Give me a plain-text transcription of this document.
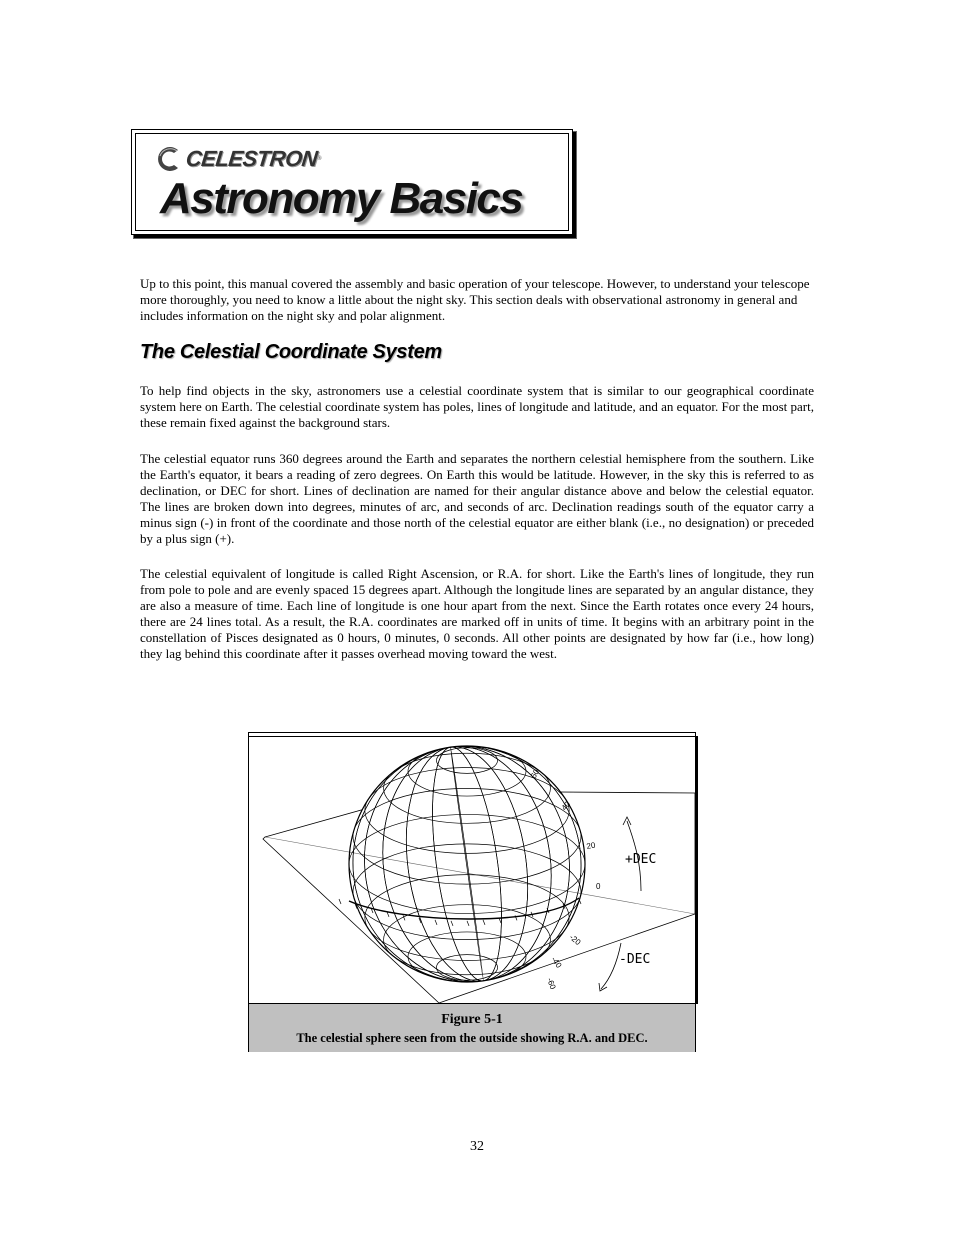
CELESTRON
®
Astronomy Basics

Up to this point, this manual covered the assembly and basic operation of your telescope. However, to understand your telescope more thoroughly, you need to know a little about the night sky. This section deals with observational astronomy in general and includes information on the night sky and polar alignment.

The Celestial Coordinate System

To help find objects in the sky, astronomers use a celestial coordinate system that is similar to our geographical coordinate system here on Earth. The celestial coordinate system has poles, lines of longitude and latitude, and an equator. For the most part, these remain fixed against the background stars.

The celestial equator runs 360 degrees around the Earth and separates the northern celestial hemisphere from the southern. Like the Earth's equator, it bears a reading of zero degrees. On Earth this would be latitude. However, in the sky this is referred to as declination, or DEC for short. Lines of declination are named for their angular distance above and below the celestial equator. The lines are broken down into degrees, minutes of arc, and seconds of arc. Declination readings south of the equator carry a minus sign (-) in front of the coordinate and those north of the celestial equator are either blank (i.e., no designation) or preceded by a plus sign (+).

The celestial equivalent of longitude is called Right Ascension, or R.A. for short. Like the Earth's lines of longitude, they run from pole to pole and are evenly spaced 15 degrees apart. Although the longitude lines are separated by an angular distance, they are also a measure of time. Each line of longitude is one hour apart from the next. Since the Earth rotates once every 24 hours, there are 24 lines total. As a result, the R.A. coordinates are marked off in units of time. It begins with an arbitrary point in the constellation of Pisces designated as 0 hours, 0 minutes, 0 seconds. All other points are designated by how far (i.e., how long) they lag behind this coordinate after it passes overhead moving toward the west.

+DEC
-DEC
60
40
20
0
-20
-40
-60
Figure 5-1
The celestial sphere seen from the outside showing R.A. and DEC.
32
